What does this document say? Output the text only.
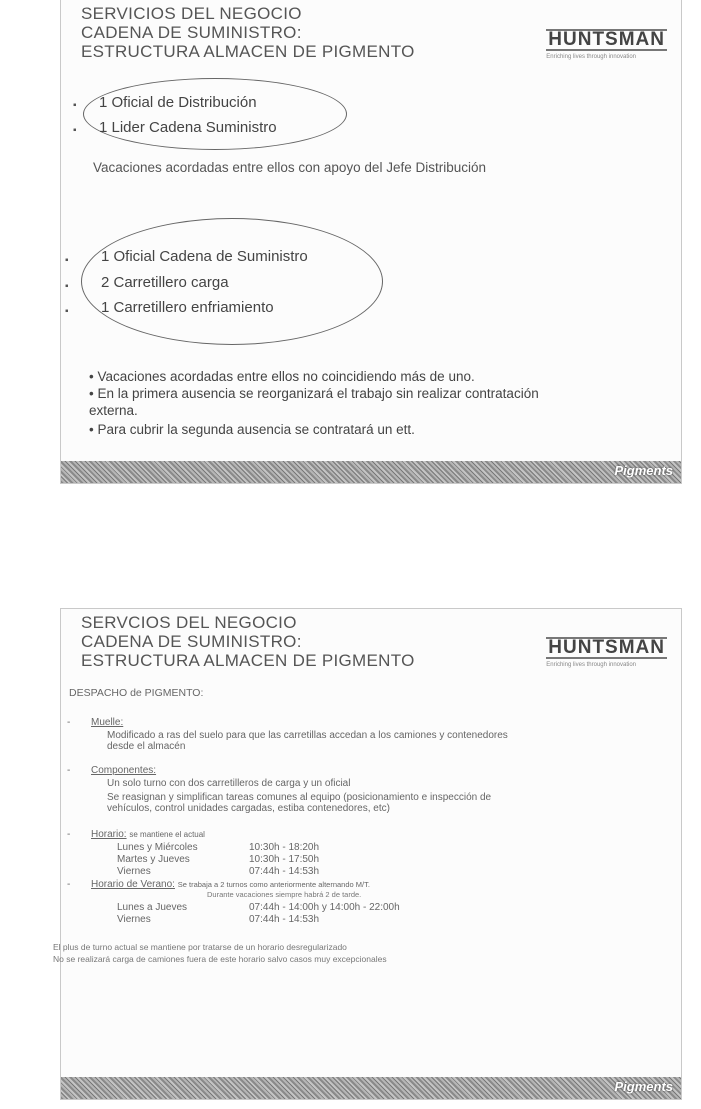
SERVICIOS DEL NEGOCIO
CADENA DE SUMINISTRO:
ESTRUCTURA ALMACEN DE PIGMENTO
HUNTSMAN
Enriching lives through innovation
▪
▪
1 Oficial de Distribución
1 Lider Cadena Suministro
Vacaciones acordadas entre ellos con apoyo del Jefe Distribución
▪
▪
▪
1 Oficial Cadena de Suministro
2 Carretillero carga
1 Carretillero enfriamiento
• Vacaciones acordadas entre ellos no coincidiendo más de uno.
• En la primera ausencia se reorganizará el trabajo sin realizar contratación
externa.
• Para cubrir la segunda ausencia se contratará un ett.
Pigments
SERVCIOS DEL NEGOCIO
CADENA DE SUMINISTRO:
ESTRUCTURA ALMACEN DE PIGMENTO
HUNTSMAN
Enriching lives through innovation
DESPACHO de PIGMENTO:
- Muelle:
Modificado a ras del suelo para que las carretillas accedan a los camiones y contenedores
desde el almacén
- Componentes:
Un solo turno con dos carretilleros de carga y un oficial
Se reasignan y simplifican tareas comunes al equipo (posicionamiento e inspección de
vehículos, control unidades cargadas, estiba contenedores, etc)
- Horario: se mantiene el actual
Lunes y Miércoles	10:30h - 18:20h
Martes y Jueves	10:30h - 17:50h
Viernes	07:44h - 14:53h
- Horario de Verano: Se trabaja a 2 turnos como anteriormente alternando M/T.
Durante vacaciones siempre habrá 2 de tarde.
Lunes a Jueves	07:44h - 14:00h y 14:00h - 22:00h
Viernes	07:44h - 14:53h
El plus de turno actual se mantiene por tratarse de un horario desregularizado
No se realizará carga de camiones fuera de este horario salvo casos muy excepcionales
Pigments
